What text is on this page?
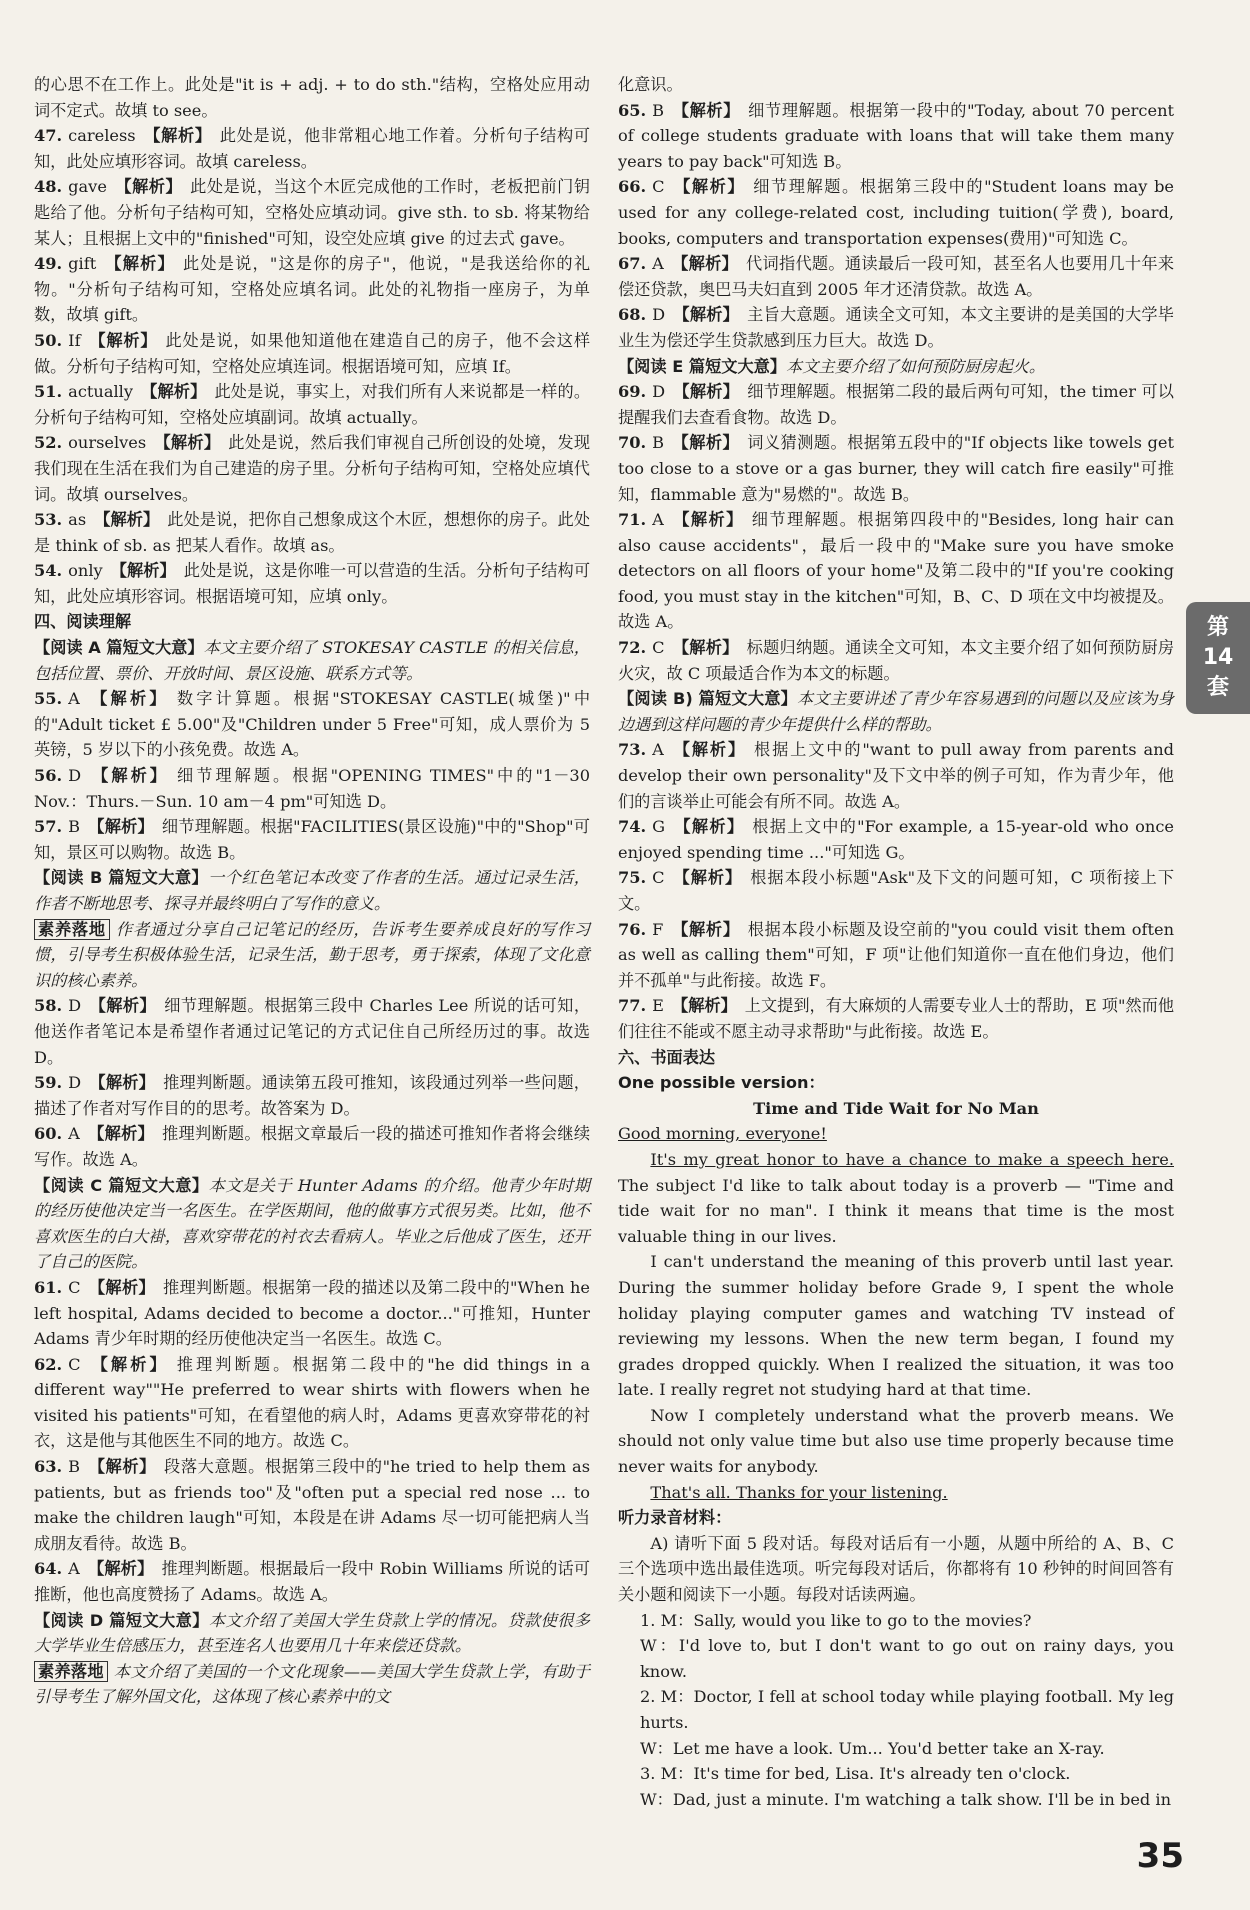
的心思不在工作上。此处是"it is + adj. + to do sth."结构，空格处应用动词不定式。故填 to see。

47. careless 【解析】 此处是说，他非常粗心地工作着。分析句子结构可知，此处应填形容词。故填 careless。

48. gave 【解析】 此处是说，当这个木匠完成他的工作时，老板把前门钥匙给了他。分析句子结构可知，空格处应填动词。give sth. to sb. 将某物给某人；且根据上文中的"finished"可知，设空处应填 give 的过去式 gave。

49. gift 【解析】 此处是说，"这是你的房子"，他说，"是我送给你的礼物。"分析句子结构可知，空格处应填名词。此处的礼物指一座房子，为单数，故填 gift。

50. If 【解析】 此处是说，如果他知道他在建造自己的房子，他不会这样做。分析句子结构可知，空格处应填连词。根据语境可知，应填 If。

51. actually 【解析】 此处是说，事实上，对我们所有人来说都是一样的。分析句子结构可知，空格处应填副词。故填 actually。

52. ourselves 【解析】 此处是说，然后我们审视自己所创设的处境，发现我们现在生活在我们为自己建造的房子里。分析句子结构可知，空格处应填代词。故填 ourselves。

53. as 【解析】 此处是说，把你自己想象成这个木匠，想想你的房子。此处是 think of sb. as 把某人看作。故填 as。

54. only 【解析】 此处是说，这是你唯一可以营造的生活。分析句子结构可知，此处应填形容词。根据语境可知，应填 only。

四、阅读理解

【阅读 A 篇短文大意】本文主要介绍了 STOKESAY CASTLE 的相关信息，包括位置、票价、开放时间、景区设施、联系方式等。

55. A 【解析】 数字计算题。根据"STOKESAY CASTLE(城堡)"中的"Adult ticket £ 5.00"及"Children under 5 Free"可知，成人票价为 5 英镑，5 岁以下的小孩免费。故选 A。

56. D 【解析】 细节理解题。根据"OPENING TIMES"中的"1－30 Nov.：Thurs.－Sun. 10 am－4 pm"可知选 D。

57. B 【解析】 细节理解题。根据"FACILITIES(景区设施)"中的"Shop"可知，景区可以购物。故选 B。

【阅读 B 篇短文大意】一个红色笔记本改变了作者的生活。通过记录生活，作者不断地思考、探寻并最终明白了写作的意义。

素养落地 作者通过分享自己记笔记的经历，告诉考生要养成良好的写作习惯，引导考生积极体验生活，记录生活，勤于思考，勇于探索，体现了文化意识的核心素养。

58. D 【解析】 细节理解题。根据第三段中 Charles Lee 所说的话可知，他送作者笔记本是希望作者通过记笔记的方式记住自己所经历过的事。故选 D。

59. D 【解析】 推理判断题。通读第五段可推知，该段通过列举一些问题，描述了作者对写作目的的思考。故答案为 D。

60. A 【解析】 推理判断题。根据文章最后一段的描述可推知作者将会继续写作。故选 A。

【阅读 C 篇短文大意】本文是关于 Hunter Adams 的介绍。他青少年时期的经历使他决定当一名医生。在学医期间，他的做事方式很另类。比如，他不喜欢医生的白大褂，喜欢穿带花的衬衣去看病人。毕业之后他成了医生，还开了自己的医院。

61. C 【解析】 推理判断题。根据第一段的描述以及第二段中的"When he left hospital, Adams decided to become a doctor..."可推知，Hunter Adams 青少年时期的经历使他决定当一名医生。故选 C。

62. C 【解析】 推理判断题。根据第二段中的"he did things in a different way""He preferred to wear shirts with flowers when he visited his patients"可知，在看望他的病人时，Adams 更喜欢穿带花的衬衣，这是他与其他医生不同的地方。故选 C。

63. B 【解析】 段落大意题。根据第三段中的"he tried to help them as patients, but as friends too"及"often put a special red nose ... to make the children laugh"可知，本段是在讲 Adams 尽一切可能把病人当成朋友看待。故选 B。

64. A 【解析】 推理判断题。根据最后一段中 Robin Williams 所说的话可推断，他也高度赞扬了 Adams。故选 A。

【阅读 D 篇短文大意】本文介绍了美国大学生贷款上学的情况。贷款使很多大学毕业生倍感压力，甚至连名人也要用几十年来偿还贷款。

素养落地 本文介绍了美国的一个文化现象——美国大学生贷款上学，有助于引导考生了解外国文化，这体现了核心素养中的文

化意识。

65. B 【解析】 细节理解题。根据第一段中的"Today, about 70 percent of college students graduate with loans that will take them many years to pay back"可知选 B。

66. C 【解析】 细节理解题。根据第三段中的"Student loans may be used for any college-related cost, including tuition(学费), board, books, computers and transportation expenses(费用)"可知选 C。

67. A 【解析】 代词指代题。通读最后一段可知，甚至名人也要用几十年来偿还贷款，奥巴马夫妇直到 2005 年才还清贷款。故选 A。

68. D 【解析】 主旨大意题。通读全文可知，本文主要讲的是美国的大学毕业生为偿还学生贷款感到压力巨大。故选 D。

【阅读 E 篇短文大意】本文主要介绍了如何预防厨房起火。

69. D 【解析】 细节理解题。根据第二段的最后两句可知，the timer 可以提醒我们去查看食物。故选 D。

70. B 【解析】 词义猜测题。根据第五段中的"If objects like towels get too close to a stove or a gas burner, they will catch fire easily"可推知，flammable 意为"易燃的"。故选 B。

71. A 【解析】 细节理解题。根据第四段中的"Besides, long hair can also cause accidents"，最后一段中的"Make sure you have smoke detectors on all floors of your home"及第二段中的"If you're cooking food, you must stay in the kitchen"可知，B、C、D 项在文中均被提及。故选 A。

72. C 【解析】 标题归纳题。通读全文可知，本文主要介绍了如何预防厨房火灾，故 C 项最适合作为本文的标题。

【阅读 B) 篇短文大意】本文主要讲述了青少年容易遇到的问题以及应该为身边遇到这样问题的青少年提供什么样的帮助。

73. A 【解析】 根据上文中的"want to pull away from parents and develop their own personality"及下文中举的例子可知，作为青少年，他们的言谈举止可能会有所不同。故选 A。

74. G 【解析】 根据上文中的"For example, a 15-year-old who once enjoyed spending time ..."可知选 G。

75. C 【解析】 根据本段小标题"Ask"及下文的问题可知，C 项衔接上下文。

76. F 【解析】 根据本段小标题及设空前的"you could visit them often as well as calling them"可知，F 项"让他们知道你一直在他们身边，他们并不孤单"与此衔接。故选 F。

77. E 【解析】 上文提到，有大麻烦的人需要专业人士的帮助，E 项"然而他们往往不能或不愿主动寻求帮助"与此衔接。故选 E。

六、书面表达

One possible version：

Time and Tide Wait for No Man

Good morning, everyone!

It's my great honor to have a chance to make a speech here. The subject I'd like to talk about today is a proverb — "Time and tide wait for no man". I think it means that time is the most valuable thing in our lives.

I can't understand the meaning of this proverb until last year. During the summer holiday before Grade 9, I spent the whole holiday playing computer games and watching TV instead of reviewing my lessons. When the new term began, I found my grades dropped quickly. When I realized the situation, it was too late. I really regret not studying hard at that time.

Now I completely understand what the proverb means. We should not only value time but also use time properly because time never waits for anybody.

That's all. Thanks for your listening.

听力录音材料：

A) 请听下面 5 段对话。每段对话后有一小题，从题中所给的 A、B、C 三个选项中选出最佳选项。听完每段对话后，你都将有 10 秒钟的时间回答有关小题和阅读下一小题。每段对话读两遍。

1. M：Sally, would you like to go to the movies?

W：I'd love to, but I don't want to go out on rainy days, you know.

2. M：Doctor, I fell at school today while playing football. My leg hurts.

W：Let me have a look. Um... You'd better take an X-ray.

3. M：It's time for bed, Lisa. It's already ten o'clock.

W：Dad, just a minute. I'm watching a talk show. I'll be in bed in

第
14
套
35
